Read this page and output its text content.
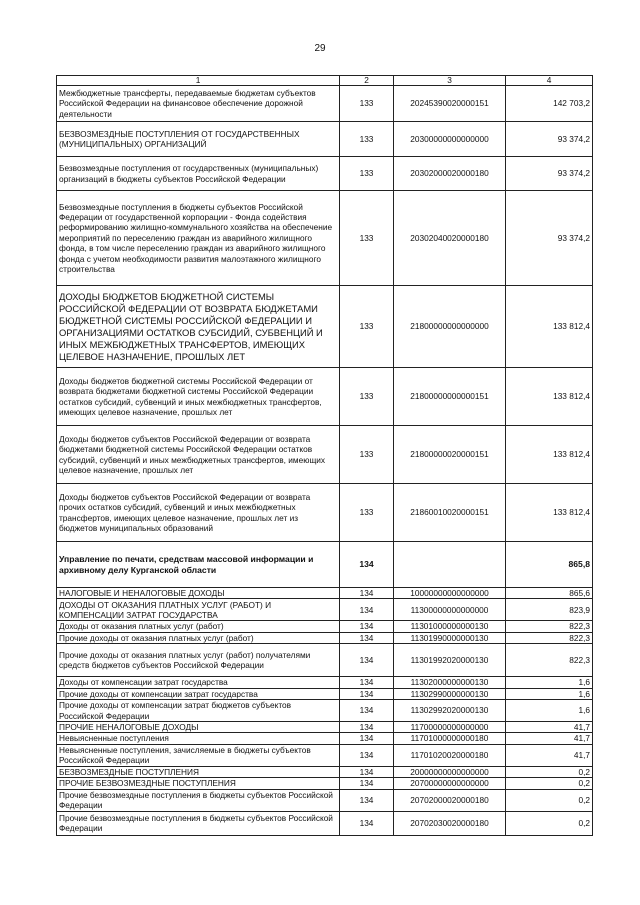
29
1	2	3	4
Межбюджетные трансферты, передаваемые бюджетам субъектов Российской Федерации на финансовое обеспечение дорожной деятельности	133	20245390020000151	142 703,2
БЕЗВОЗМЕЗДНЫЕ ПОСТУПЛЕНИЯ ОТ ГОСУДАРСТВЕННЫХ (МУНИЦИПАЛЬНЫХ) ОРГАНИЗАЦИЙ	133	20300000000000000	93 374,2
Безвозмездные поступления от государственных (муниципальных) организаций в бюджеты субъектов Российской Федерации	133	20302000020000180	93 374,2
Безвозмездные поступления в бюджеты субъектов Российской Федерации от государственной корпорации - Фонда содействия реформированию жилищно-коммунального хозяйства на обеспечение мероприятий по переселению граждан из аварийного жилищного фонда, в том числе переселению граждан из аварийного жилищного фонда с учетом необходимости развития малоэтажного жилищного строительства	133	20302040020000180	93 374,2
ДОХОДЫ БЮДЖЕТОВ БЮДЖЕТНОЙ СИСТЕМЫ РОССИЙСКОЙ ФЕДЕРАЦИИ ОТ ВОЗВРАТА БЮДЖЕТАМИ БЮДЖЕТНОЙ СИСТЕМЫ РОССИЙСКОЙ ФЕДЕРАЦИИ И ОРГАНИЗАЦИЯМИ ОСТАТКОВ СУБСИДИЙ, СУБВЕНЦИЙ И ИНЫХ МЕЖБЮДЖЕТНЫХ ТРАНСФЕРТОВ, ИМЕЮЩИХ ЦЕЛЕВОЕ НАЗНАЧЕНИЕ, ПРОШЛЫХ ЛЕТ	133	21800000000000000	133 812,4
Доходы бюджетов бюджетной системы Российской Федерации от возврата бюджетами бюджетной системы Российской Федерации остатков субсидий, субвенций и иных межбюджетных трансфертов, имеющих целевое назначение, прошлых лет	133	21800000000000151	133 812,4
Доходы бюджетов субъектов Российской Федерации от возврата бюджетами бюджетной системы Российской Федерации остатков субсидий, субвенций и иных межбюджетных трансфертов, имеющих целевое назначение, прошлых лет	133	21800000020000151	133 812,4
Доходы бюджетов субъектов Российской Федерации от возврата прочих остатков субсидий, субвенций и иных межбюджетных трансфертов, имеющих целевое назначение, прошлых лет из бюджетов муниципальных образований	133	21860010020000151	133 812,4
Управление по печати, средствам массовой информации и архивному делу Курганской области	134		865,8
НАЛОГОВЫЕ И НЕНАЛОГОВЫЕ ДОХОДЫ	134	10000000000000000	865,6
ДОХОДЫ ОТ ОКАЗАНИЯ ПЛАТНЫХ УСЛУГ (РАБОТ) И КОМПЕНСАЦИИ ЗАТРАТ ГОСУДАРСТВА	134	11300000000000000	823,9
Доходы от оказания платных услуг (работ)	134	11301000000000130	822,3
Прочие доходы от оказания платных услуг (работ)	134	11301990000000130	822,3
Прочие доходы от оказания платных услуг (работ) получателями средств бюджетов субъектов Российской Федерации	134	11301992020000130	822,3
Доходы от компенсации затрат государства	134	11302000000000130	1,6
Прочие доходы от компенсации затрат государства	134	11302990000000130	1,6
Прочие доходы от компенсации затрат бюджетов субъектов Российской Федерации	134	11302992020000130	1,6
ПРОЧИЕ НЕНАЛОГОВЫЕ ДОХОДЫ	134	11700000000000000	41,7
Невыясненные поступления	134	11701000000000180	41,7
Невыясненные поступления, зачисляемые в бюджеты субъектов Российской Федерации	134	11701020020000180	41,7
БЕЗВОЗМЕЗДНЫЕ ПОСТУПЛЕНИЯ	134	20000000000000000	0,2
ПРОЧИЕ БЕЗВОЗМЕЗДНЫЕ ПОСТУПЛЕНИЯ	134	20700000000000000	0,2
Прочие безвозмездные поступления в бюджеты субъектов Российской Федерации	134	20702000020000180	0,2
Прочие безвозмездные поступления в бюджеты субъектов Российской Федерации	134	20702030020000180	0,2
